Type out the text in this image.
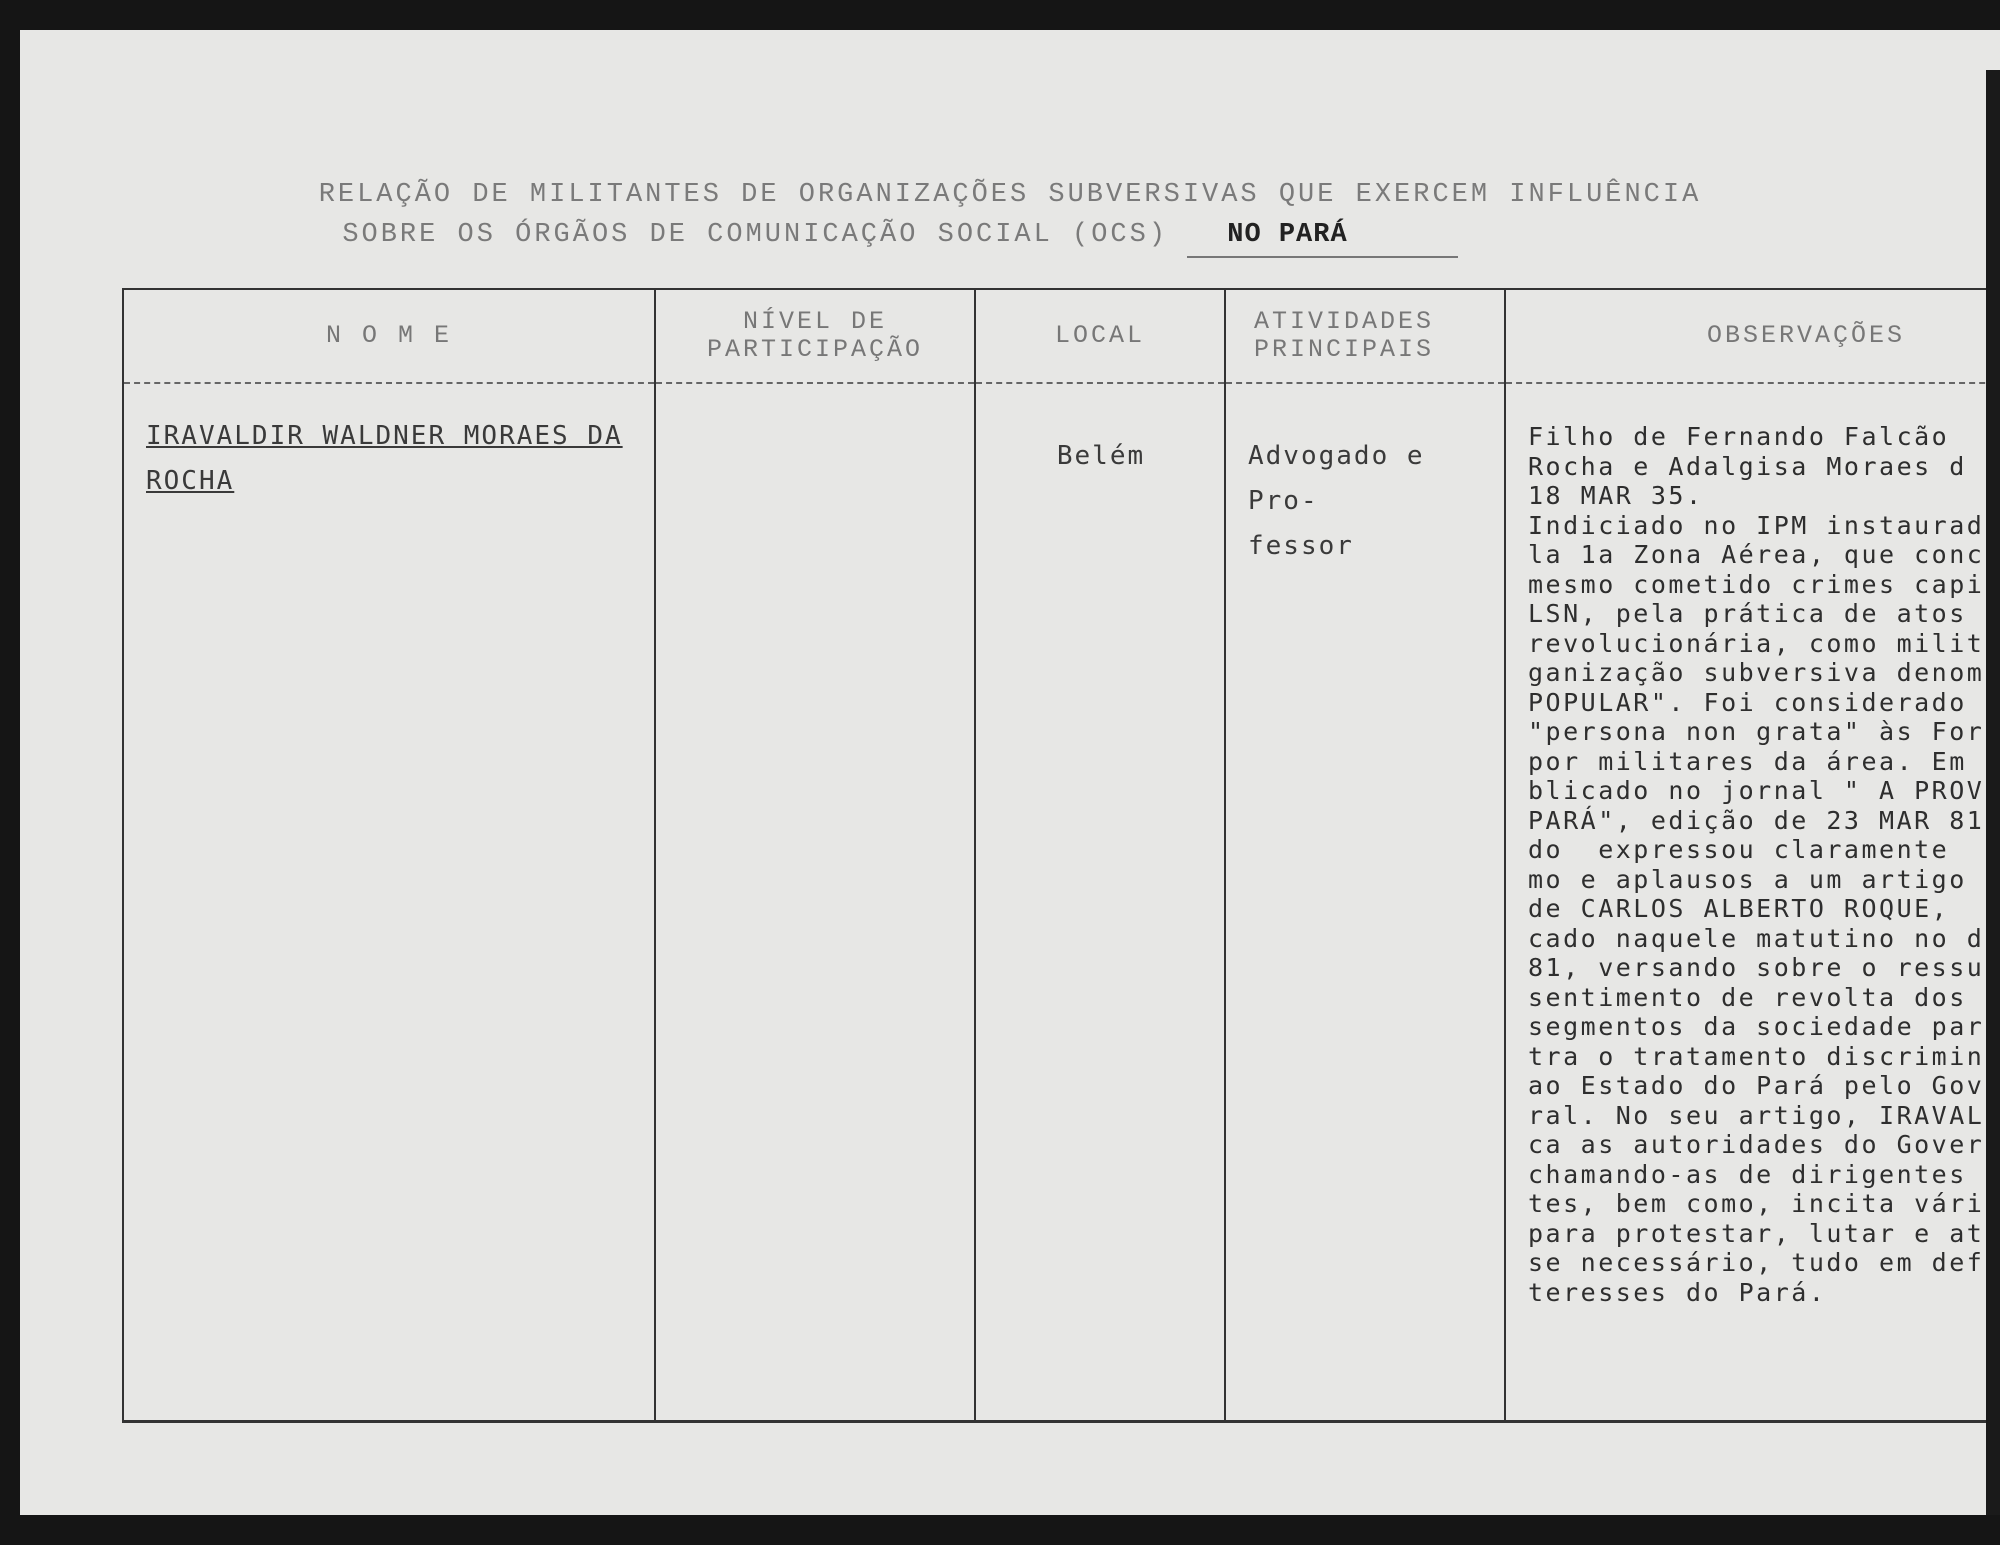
RELAÇÃO DE MILITANTES DE ORGANIZAÇÕES SUBVERSIVAS QUE EXERCEM INFLUÊNCIA
SOBRE OS ÓRGÃOS DE COMUNICAÇÃO SOCIAL (OCS) NO PARÁ
N O M E
IRAVALDIR WALDNER MORAES DA ROCHA
NÍVEL DE
PARTICIPAÇÃO	LOCAL
Belém
ATIVIDADES
PRINCIPAIS
Advogado e Pro-
fessor
OBSERVAÇÕES
Filho de Fernando Falcão
Rocha e Adalgisa Moraes d
18 MAR 35.
Indiciado no IPM instaurad
la 1a Zona Aérea, que conc
mesmo cometido crimes capi
LSN, pela prática de atos
revolucionária, como milit
ganização subversiva denom
POPULAR". Foi considerado
"persona non grata" às For
por militares da área. Em
blicado no jornal " A PROV
PARÁ", edição de 23 MAR 81
do  expressou claramente
mo e aplausos a um artigo
de CARLOS ALBERTO ROQUE,
cado naquele matutino no d
81, versando sobre o ressu
sentimento de revolta dos
segmentos da sociedade par
tra o tratamento discrimin
ao Estado do Pará pelo Gov
ral. No seu artigo, IRAVAL
ca as autoridades do Gover
chamando-as de dirigentes
tes, bem como, incita vári
para protestar, lutar e at
se necessário, tudo em def
teresses do Pará.
